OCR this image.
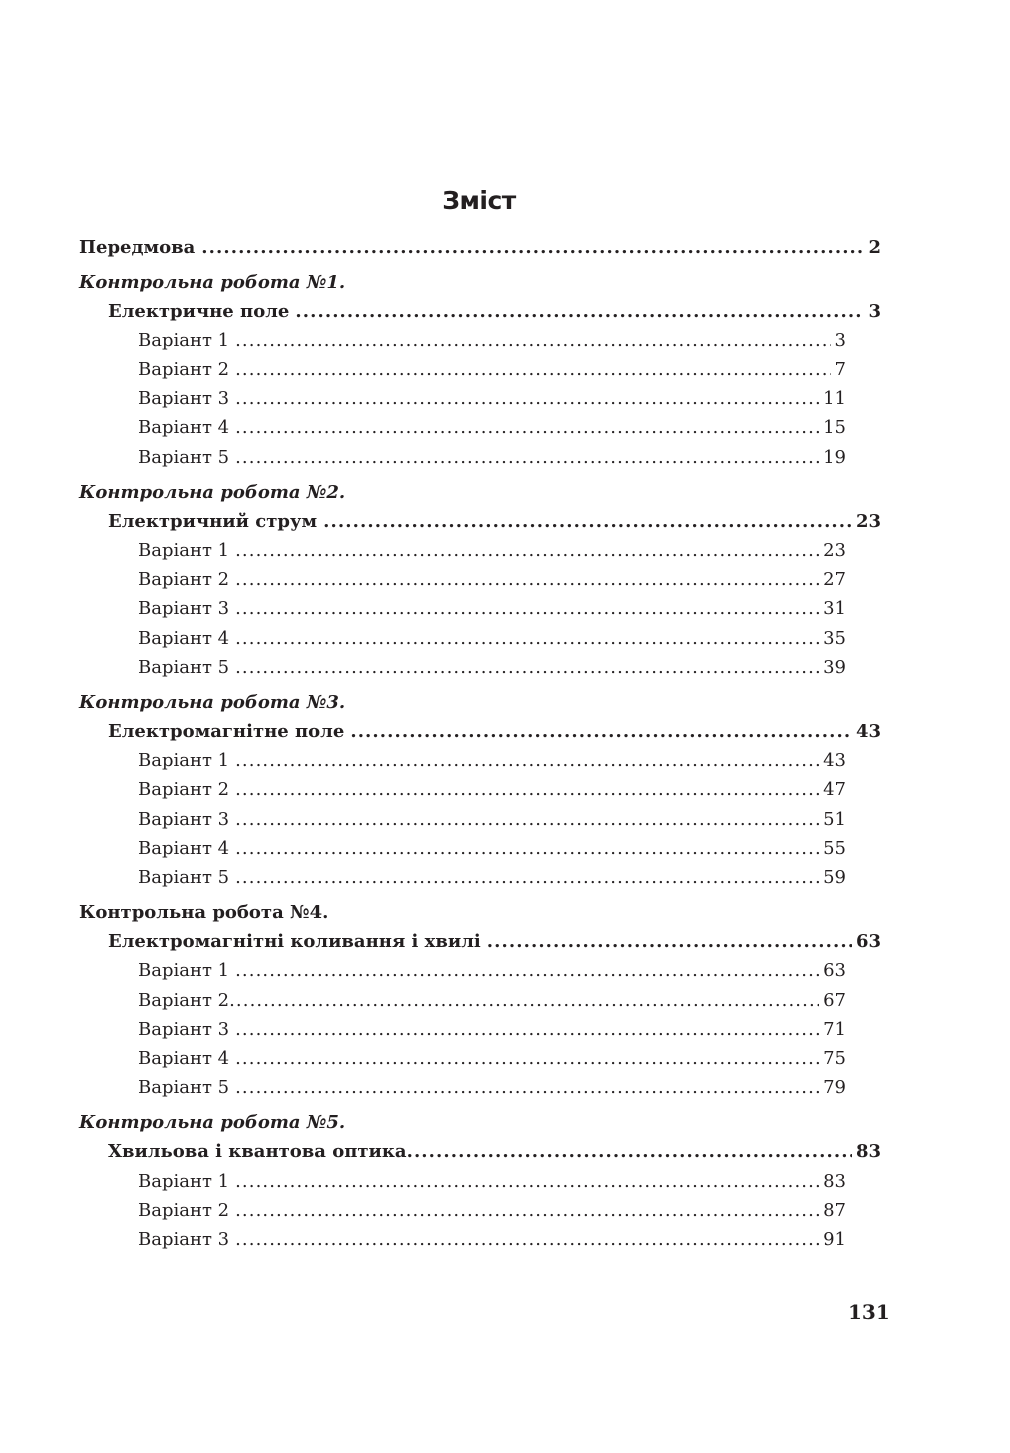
Зміст
Передмова .....	2
Контрольна робота №1.
Електричне поле .....	3
Варіант 1 .....	3
Варіант 2 .....	7
Варіант 3 .....	11
Варіант 4 .....	15
Варіант 5 .....	19
Контрольна робота №2.
Електричний струм .....	23
Варіант 1 .....	23
Варіант 2 .....	27
Варіант 3 .....	31
Варіант 4 .....	35
Варіант 5 .....	39
Контрольна робота №3.
Електромагнітне поле .....	43
Варіант 1 .....	43
Варіант 2 .....	47
Варіант 3 .....	51
Варіант 4 .....	55
Варіант 5 .....	59
Контрольна робота №4.
Електромагнітні коливання і хвилі .....	63
Варіант 1 .....	63
Варіант 2 .....	67
Варіант 3 .....	71
Варіант 4 .....	75
Варіант 5 .....	79
Контрольна робота №5.
Хвильова і квантова оптика .....	83
Варіант 1 .....	83
Варіант 2 .....	87
Варіант 3 .....	91
131
